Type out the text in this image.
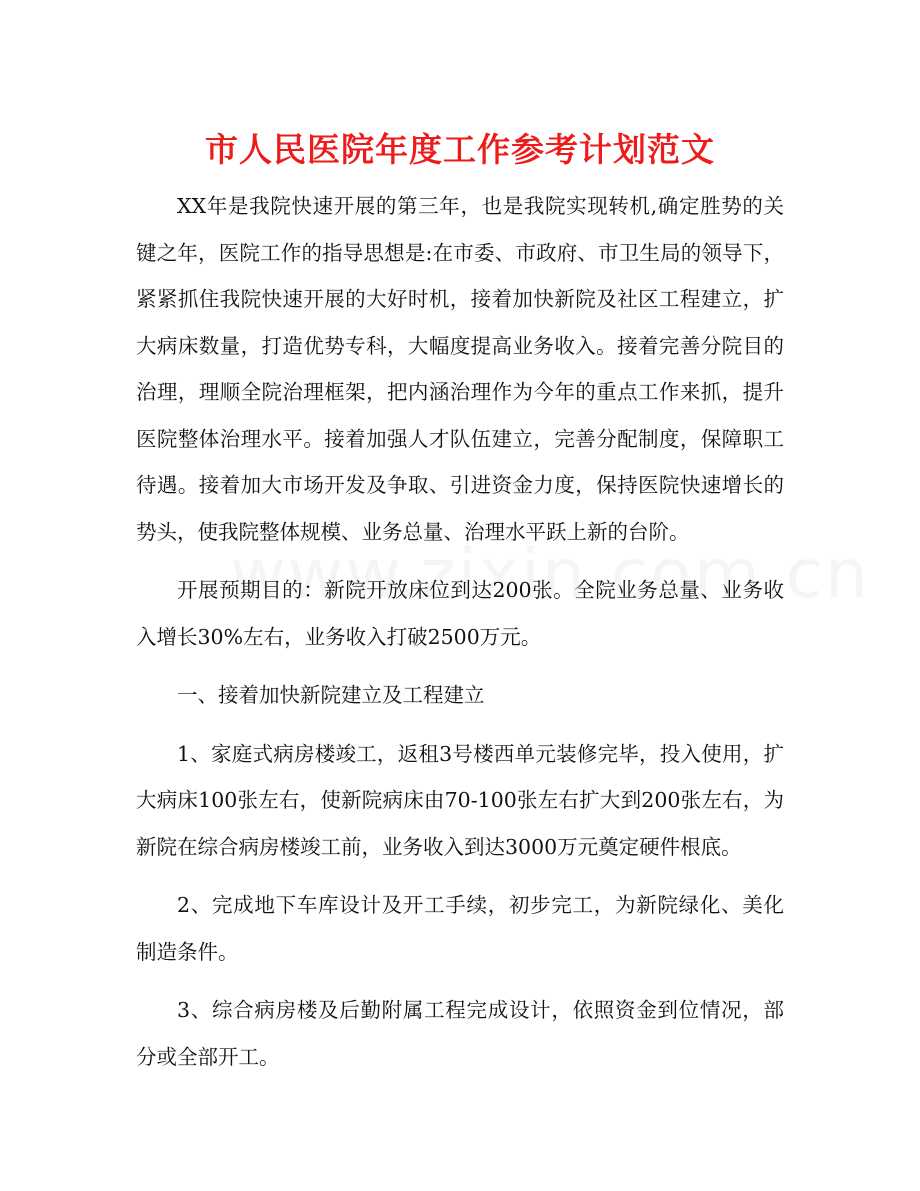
市人民医院年度工作参考计划范文

XX年是我院快速开展的第三年，也是我院实现转机,确定胜势的关键之年，医院工作的指导思想是:在市委、市政府、市卫生局的领导下，紧紧抓住我院快速开展的大好时机，接着加快新院及社区工程建立，扩大病床数量，打造优势专科，大幅度提高业务收入。接着完善分院目的治理，理顺全院治理框架，把内涵治理作为今年的重点工作来抓，提升医院整体治理水平。接着加强人才队伍建立，完善分配制度，保障职工待遇。接着加大市场开发及争取、引进资金力度，保持医院快速增长的势头，使我院整体规模、业务总量、治理水平跃上新的台阶。

开展预期目的：新院开放床位到达200张。全院业务总量、业务收入增长30%左右，业务收入打破2500万元。

一、接着加快新院建立及工程建立

1、家庭式病房楼竣工，返租3号楼西单元装修完毕，投入使用，扩大病床100张左右，使新院病床由70-100张左右扩大到200张左右，为新院在综合病房楼竣工前，业务收入到达3000万元奠定硬件根底。

2、完成地下车库设计及开工手续，初步完工，为新院绿化、美化制造条件。

3、综合病房楼及后勤附属工程完成设计，依照资金到位情况，部分或全部开工。
